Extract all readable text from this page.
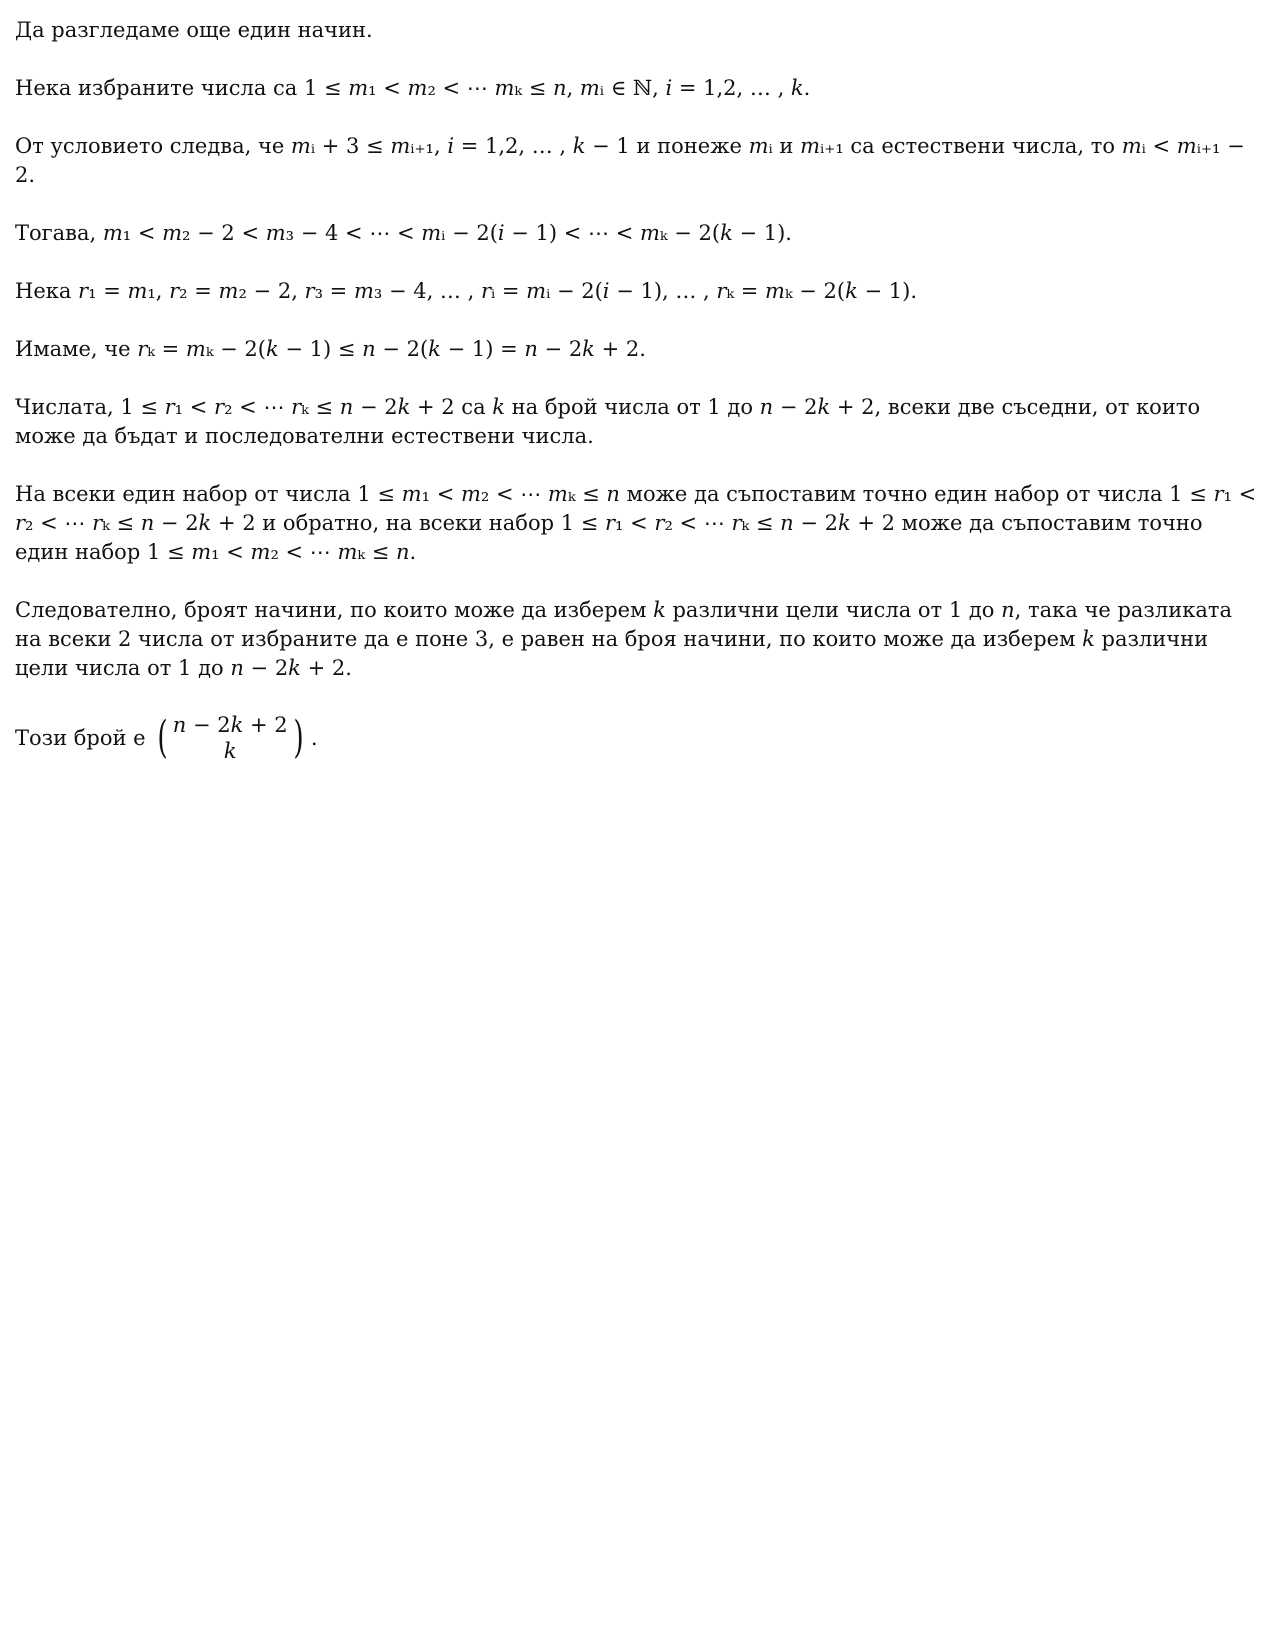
Да разгледаме още един начин.

Нека избраните числа са 1 ≤ 𝑚₁ < 𝑚₂ < ⋯ 𝑚ₖ ≤ 𝑛, 𝑚ᵢ ∈ ℕ, 𝑖 = 1,2, … , 𝑘.

От условието следва, че 𝑚ᵢ + 3 ≤ 𝑚ᵢ₊₁, 𝑖 = 1,2, … , 𝑘 − 1 и понеже 𝑚ᵢ и 𝑚ᵢ₊₁ са естествени числа, то 𝑚ᵢ < 𝑚ᵢ₊₁ − 2.

Тогава, 𝑚₁ < 𝑚₂ − 2 < 𝑚₃ − 4 < ⋯ < 𝑚ᵢ − 2(𝑖 − 1) < ⋯ < 𝑚ₖ − 2(𝑘 − 1).

Нека 𝑟₁ = 𝑚₁, 𝑟₂ = 𝑚₂ − 2, 𝑟₃ = 𝑚₃ − 4, … , 𝑟ᵢ = 𝑚ᵢ − 2(𝑖 − 1), … , 𝑟ₖ = 𝑚ₖ − 2(𝑘 − 1).

Имаме, че 𝑟ₖ = 𝑚ₖ − 2(𝑘 − 1) ≤ 𝑛 − 2(𝑘 − 1) = 𝑛 − 2𝑘 + 2.

Числата, 1 ≤ 𝑟₁ < 𝑟₂ < ⋯ 𝑟ₖ ≤ 𝑛 − 2𝑘 + 2 са 𝑘 на брой числа от 1 до 𝑛 − 2𝑘 + 2, всеки две съседни, от които може да бъдат и последователни естествени числа.

На всеки един набор от числа 1 ≤ 𝑚₁ < 𝑚₂ < ⋯ 𝑚ₖ ≤ 𝑛 може да съпоставим точно един набор от числа 1 ≤ 𝑟₁ < 𝑟₂ < ⋯ 𝑟ₖ ≤ 𝑛 − 2𝑘 + 2 и обратно, на всеки набор 1 ≤ 𝑟₁ < 𝑟₂ < ⋯ 𝑟ₖ ≤ 𝑛 − 2𝑘 + 2 може да съпоставим точно един набор 1 ≤ 𝑚₁ < 𝑚₂ < ⋯ 𝑚ₖ ≤ 𝑛.

Следователно, броят начини, по които може да изберем 𝑘 различни цели числа от 1 до 𝑛, така че разликата на всеки 2 числа от избраните да е поне 3, е равен на броя начини, по които може да изберем 𝑘 различни цели числа от 1 до 𝑛 − 2𝑘 + 2.

Този брой е ( 𝑛 − 2𝑘 + 2
𝑘 ) .
